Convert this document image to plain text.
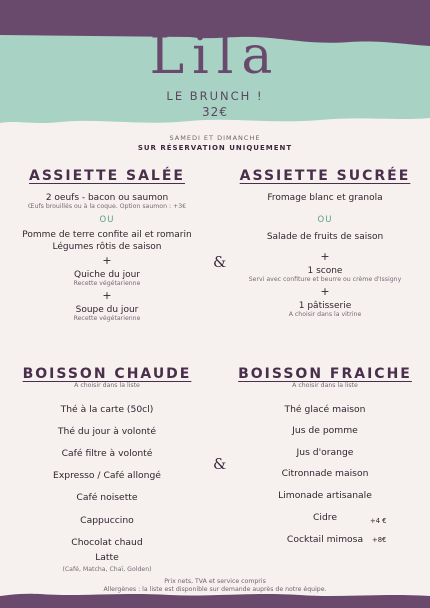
Lila
LE BRUNCH !
32€
SAMEDI ET DIMANCHE
SUR RÉSERVATION UNIQUEMENT
ASSIETTE SALÉE
2 oeufs - bacon ou saumon
Œufs brouillés ou à la coque. Option saumon : +3€
OU
Pomme de terre confite ail et romarin
Légumes rôtis de saison
+
Quiche du jour
Recette végétarienne
+
Soupe du jour
Recette végétarienne
&
ASSIETTE SUCRÉE
Fromage blanc et granola
OU
Salade de fruits de saison
+
1 scone
Servi avec confiture et beurre ou crème d'Issigny
+
1 pâtisserie
A choisir dans la vitrine
BOISSON CHAUDE
A choisir dans la liste
Thé à la carte (50cl)
Thé du jour à volonté
Café filtre à volonté
Expresso / Café allongé
Café noisette
Cappuccino
Chocolat chaud
Latte
(Café, Matcha, Chaï, Golden)
&
BOISSON FRAICHE
A choisir dans la liste
Thé glacé maison
Jus de pomme
Jus d'orange
Citronnade maison
Limonade artisanale
Cidre	+4 €
Cocktail mimosa	+8€
Prix nets, TVA et service compris
Allergènes : la liste est disponible sur demande auprès de notre équipe.
